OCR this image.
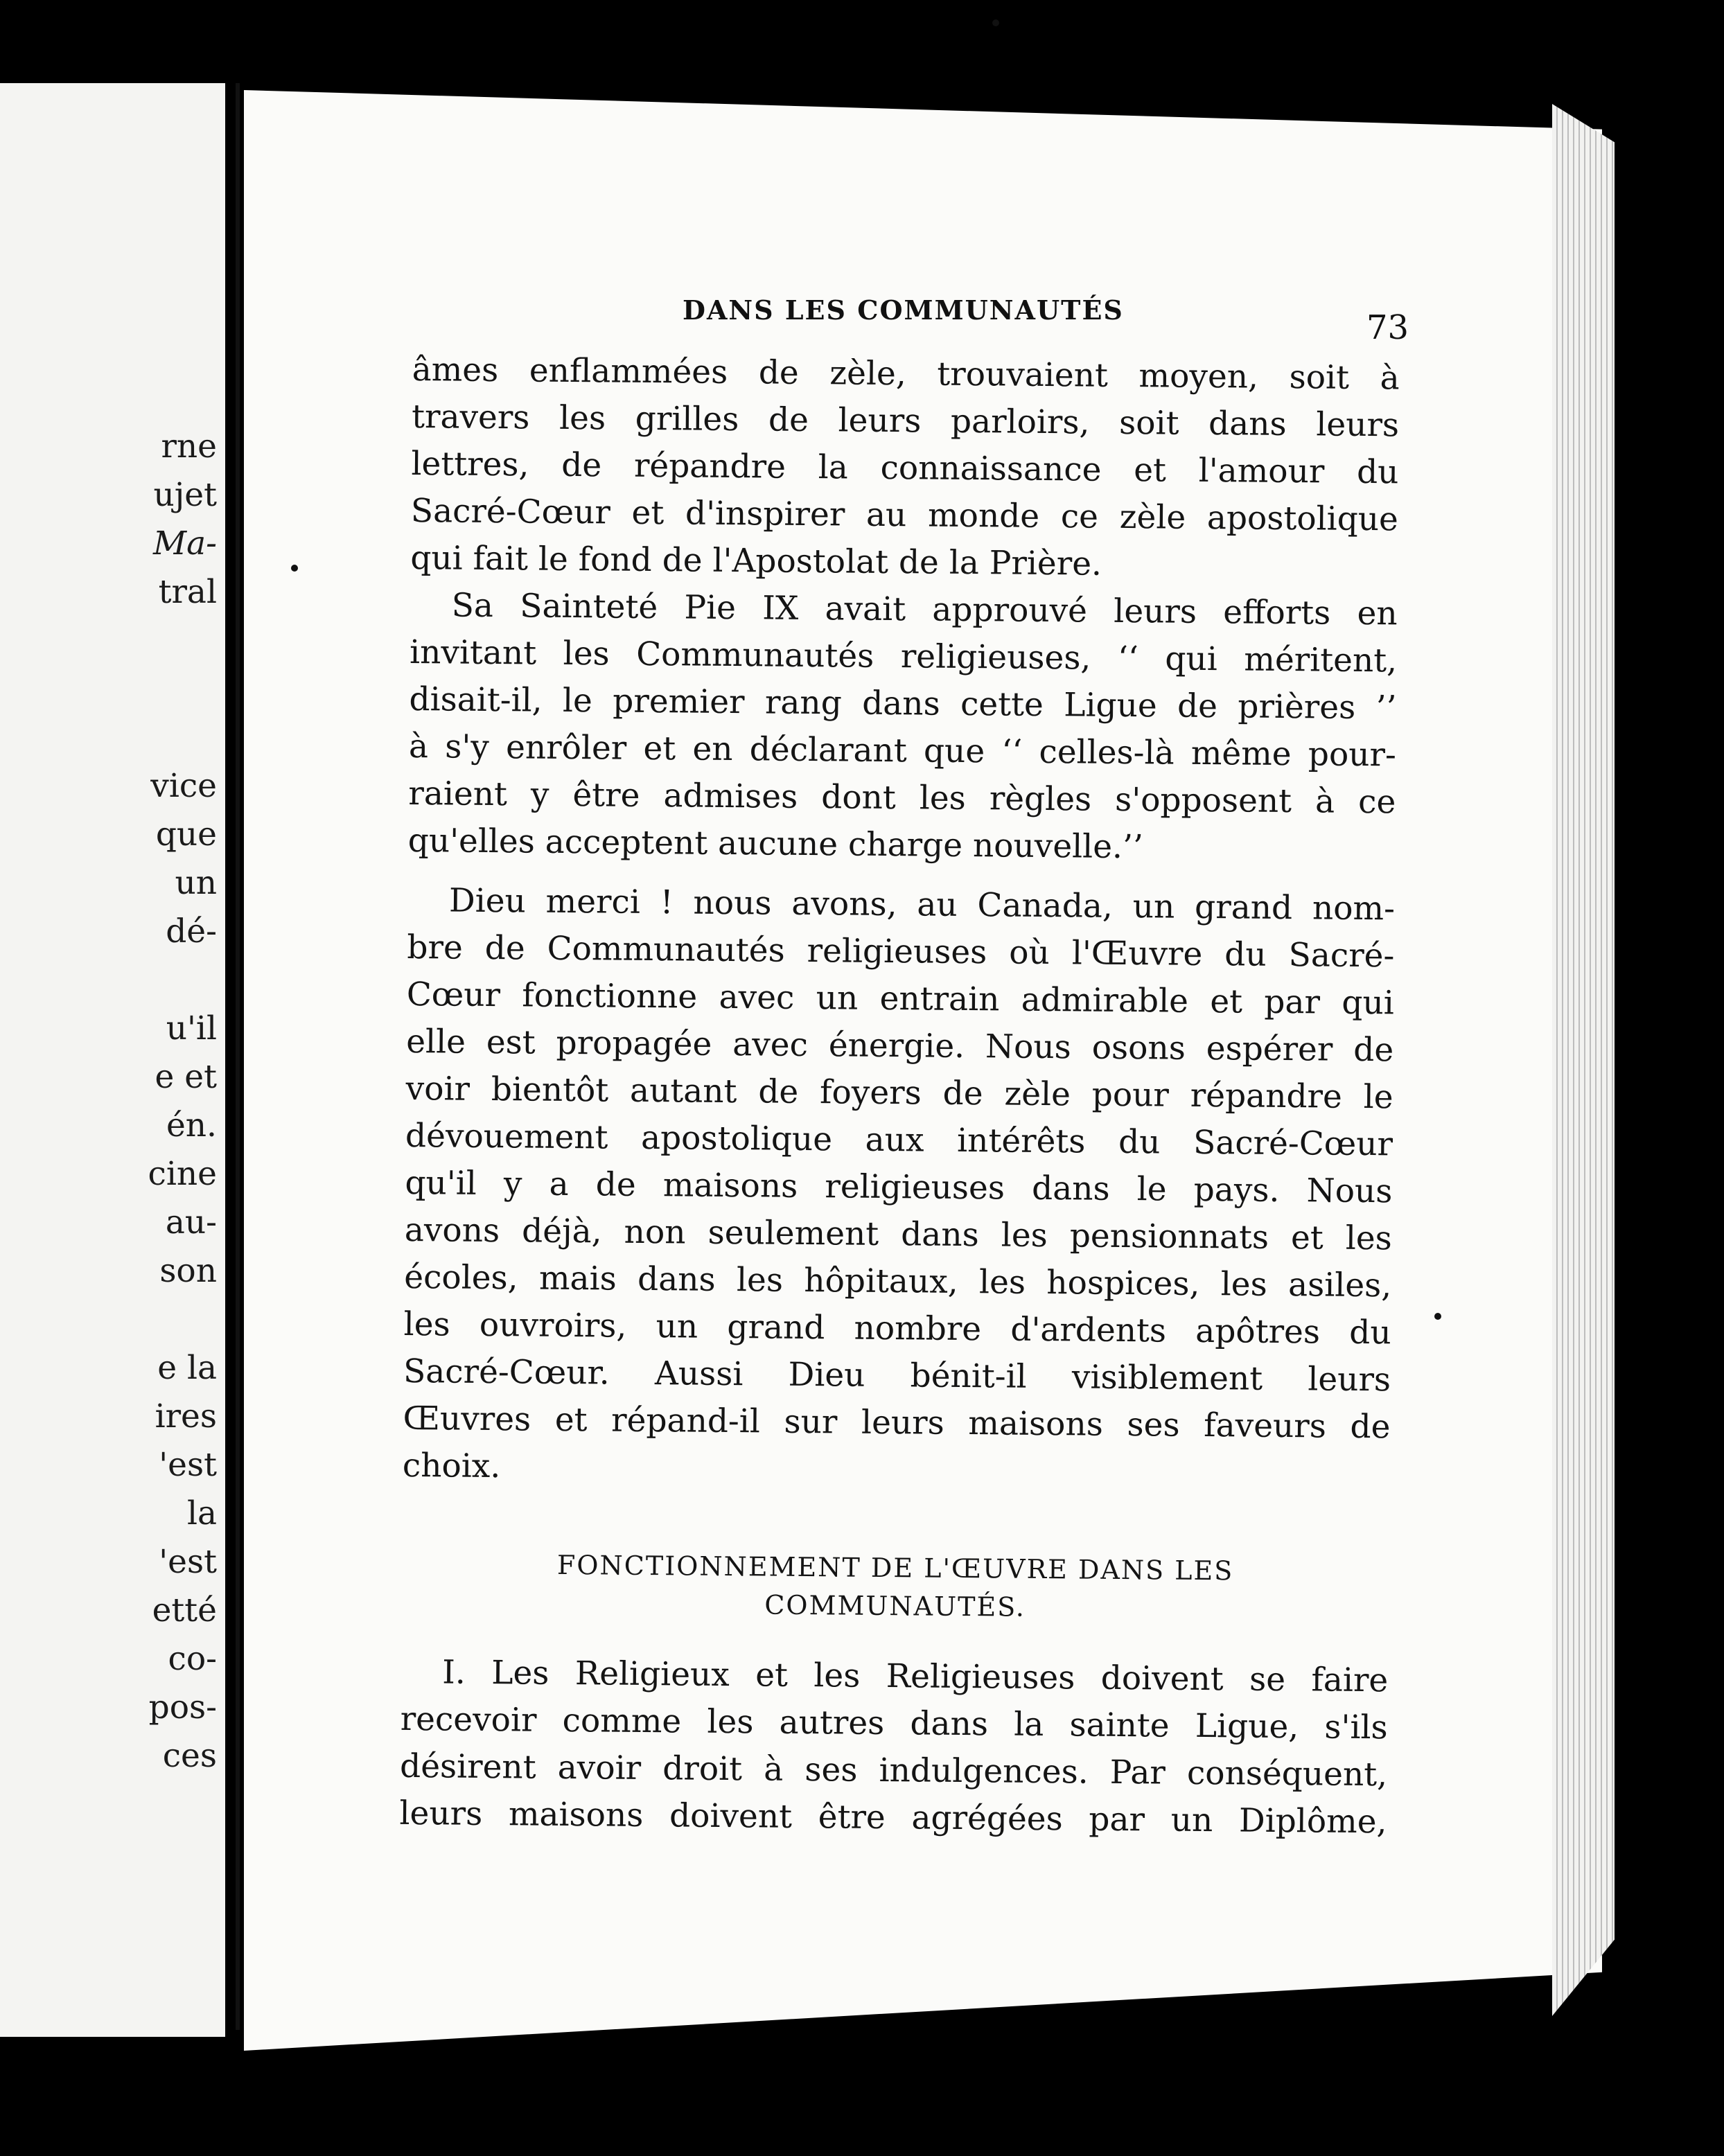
rne
ujet
Ma-
tral
vice
que
un
dé-
u'il
e et
én.
cine
au-
son
e la
ires
'est
la
'est
etté
co-
pos-
ces
DANS LES COMMUNAUTÉS	73
âmes enflammées de zèle, trouvaient moyen, soit à
travers les grilles de leurs parloirs, soit dans leurs
lettres, de répandre la connaissance et l'amour du
Sacré-Cœur et d'inspirer au monde ce zèle apostolique
qui fait le fond de l'Apostolat de la Prière.
Sa Sainteté Pie IX avait approuvé leurs efforts en
invitant les Communautés religieuses, ‘‘ qui méritent,
disait-il, le premier rang dans cette Ligue de prières ’’
à s'y enrôler et en déclarant que ‘‘ celles-là même pour-
raient y être admises dont les règles s'opposent à ce
qu'elles acceptent aucune charge nouvelle.’’
Dieu merci ! nous avons, au Canada, un grand nom-
bre de Communautés religieuses où l'Œuvre du Sacré-
Cœur fonctionne avec un entrain admirable et par qui
elle est propagée avec énergie. Nous osons espérer de
voir bientôt autant de foyers de zèle pour répandre le
dévouement apostolique aux intérêts du Sacré-Cœur
qu'il y a de maisons religieuses dans le pays. Nous
avons déjà, non seulement dans les pensionnats et les
écoles, mais dans les hôpitaux, les hospices, les asiles,
les ouvroirs, un grand nombre d'ardents apôtres du
Sacré-Cœur. Aussi Dieu bénit-il visiblement leurs
Œuvres et répand-il sur leurs maisons ses faveurs de
choix.
FONCTIONNEMENT DE L'ŒUVRE DANS LES
COMMUNAUTÉS.
I. Les Religieux et les Religieuses doivent se faire
recevoir comme les autres dans la sainte Ligue, s'ils
désirent avoir droit à ses indulgences. Par conséquent,
leurs maisons doivent être agrégées par un Diplôme,
